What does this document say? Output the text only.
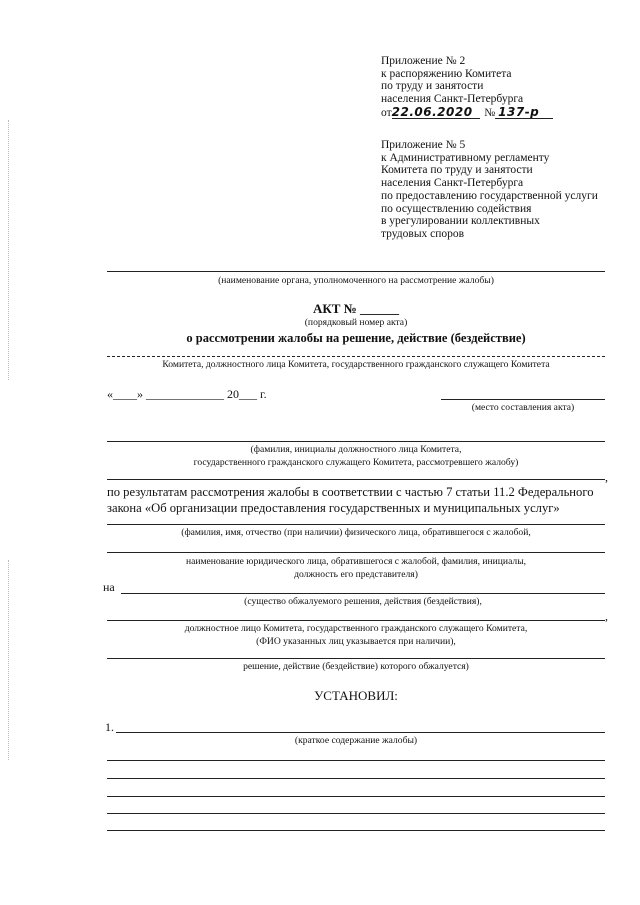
Приложение № 2
к распоряжению Комитета
по труду и занятости
населения Санкт-Петербурга
от22.06.2020 № 137-р
Приложение № 5
к Административному регламенту
Комитета по труду и занятости
населения Санкт-Петербурга
по предоставлению государственной услуги
по осуществлению содействия
в урегулировании коллективных
трудовых споров
(наименование органа, уполномоченного на рассмотрение жалобы)
АКТ № ______
(порядковый номер акта)
о рассмотрении жалобы на решение, действие (бездействие)
Комитета, должностного лица Комитета, государственного гражданского служащего Комитета
«____» _____________ 20___ г.
(место составления акта)
(фамилия, инициалы должностного лица Комитета,
государственного гражданского служащего Комитета, рассмотревшего жалобу)
,
по результатам рассмотрения жалобы в соответствии с частью 7 статьи 11.2 Федерального
закона «Об организации предоставления государственных и муниципальных услуг»
(фамилия, имя, отчество (при наличии) физического лица, обратившегося с жалобой,
наименование юридического лица, обратившегося с жалобой, фамилия, инициалы,
должность его представителя)
на
(существо обжалуемого решения, действия (бездействия),
,
должностное лицо Комитета, государственного гражданского служащего Комитета,
(ФИО указанных лиц указывается при наличии),
решение, действие (бездействие) которого обжалуется)
УСТАНОВИЛ:
1.
(краткое содержание жалобы)
